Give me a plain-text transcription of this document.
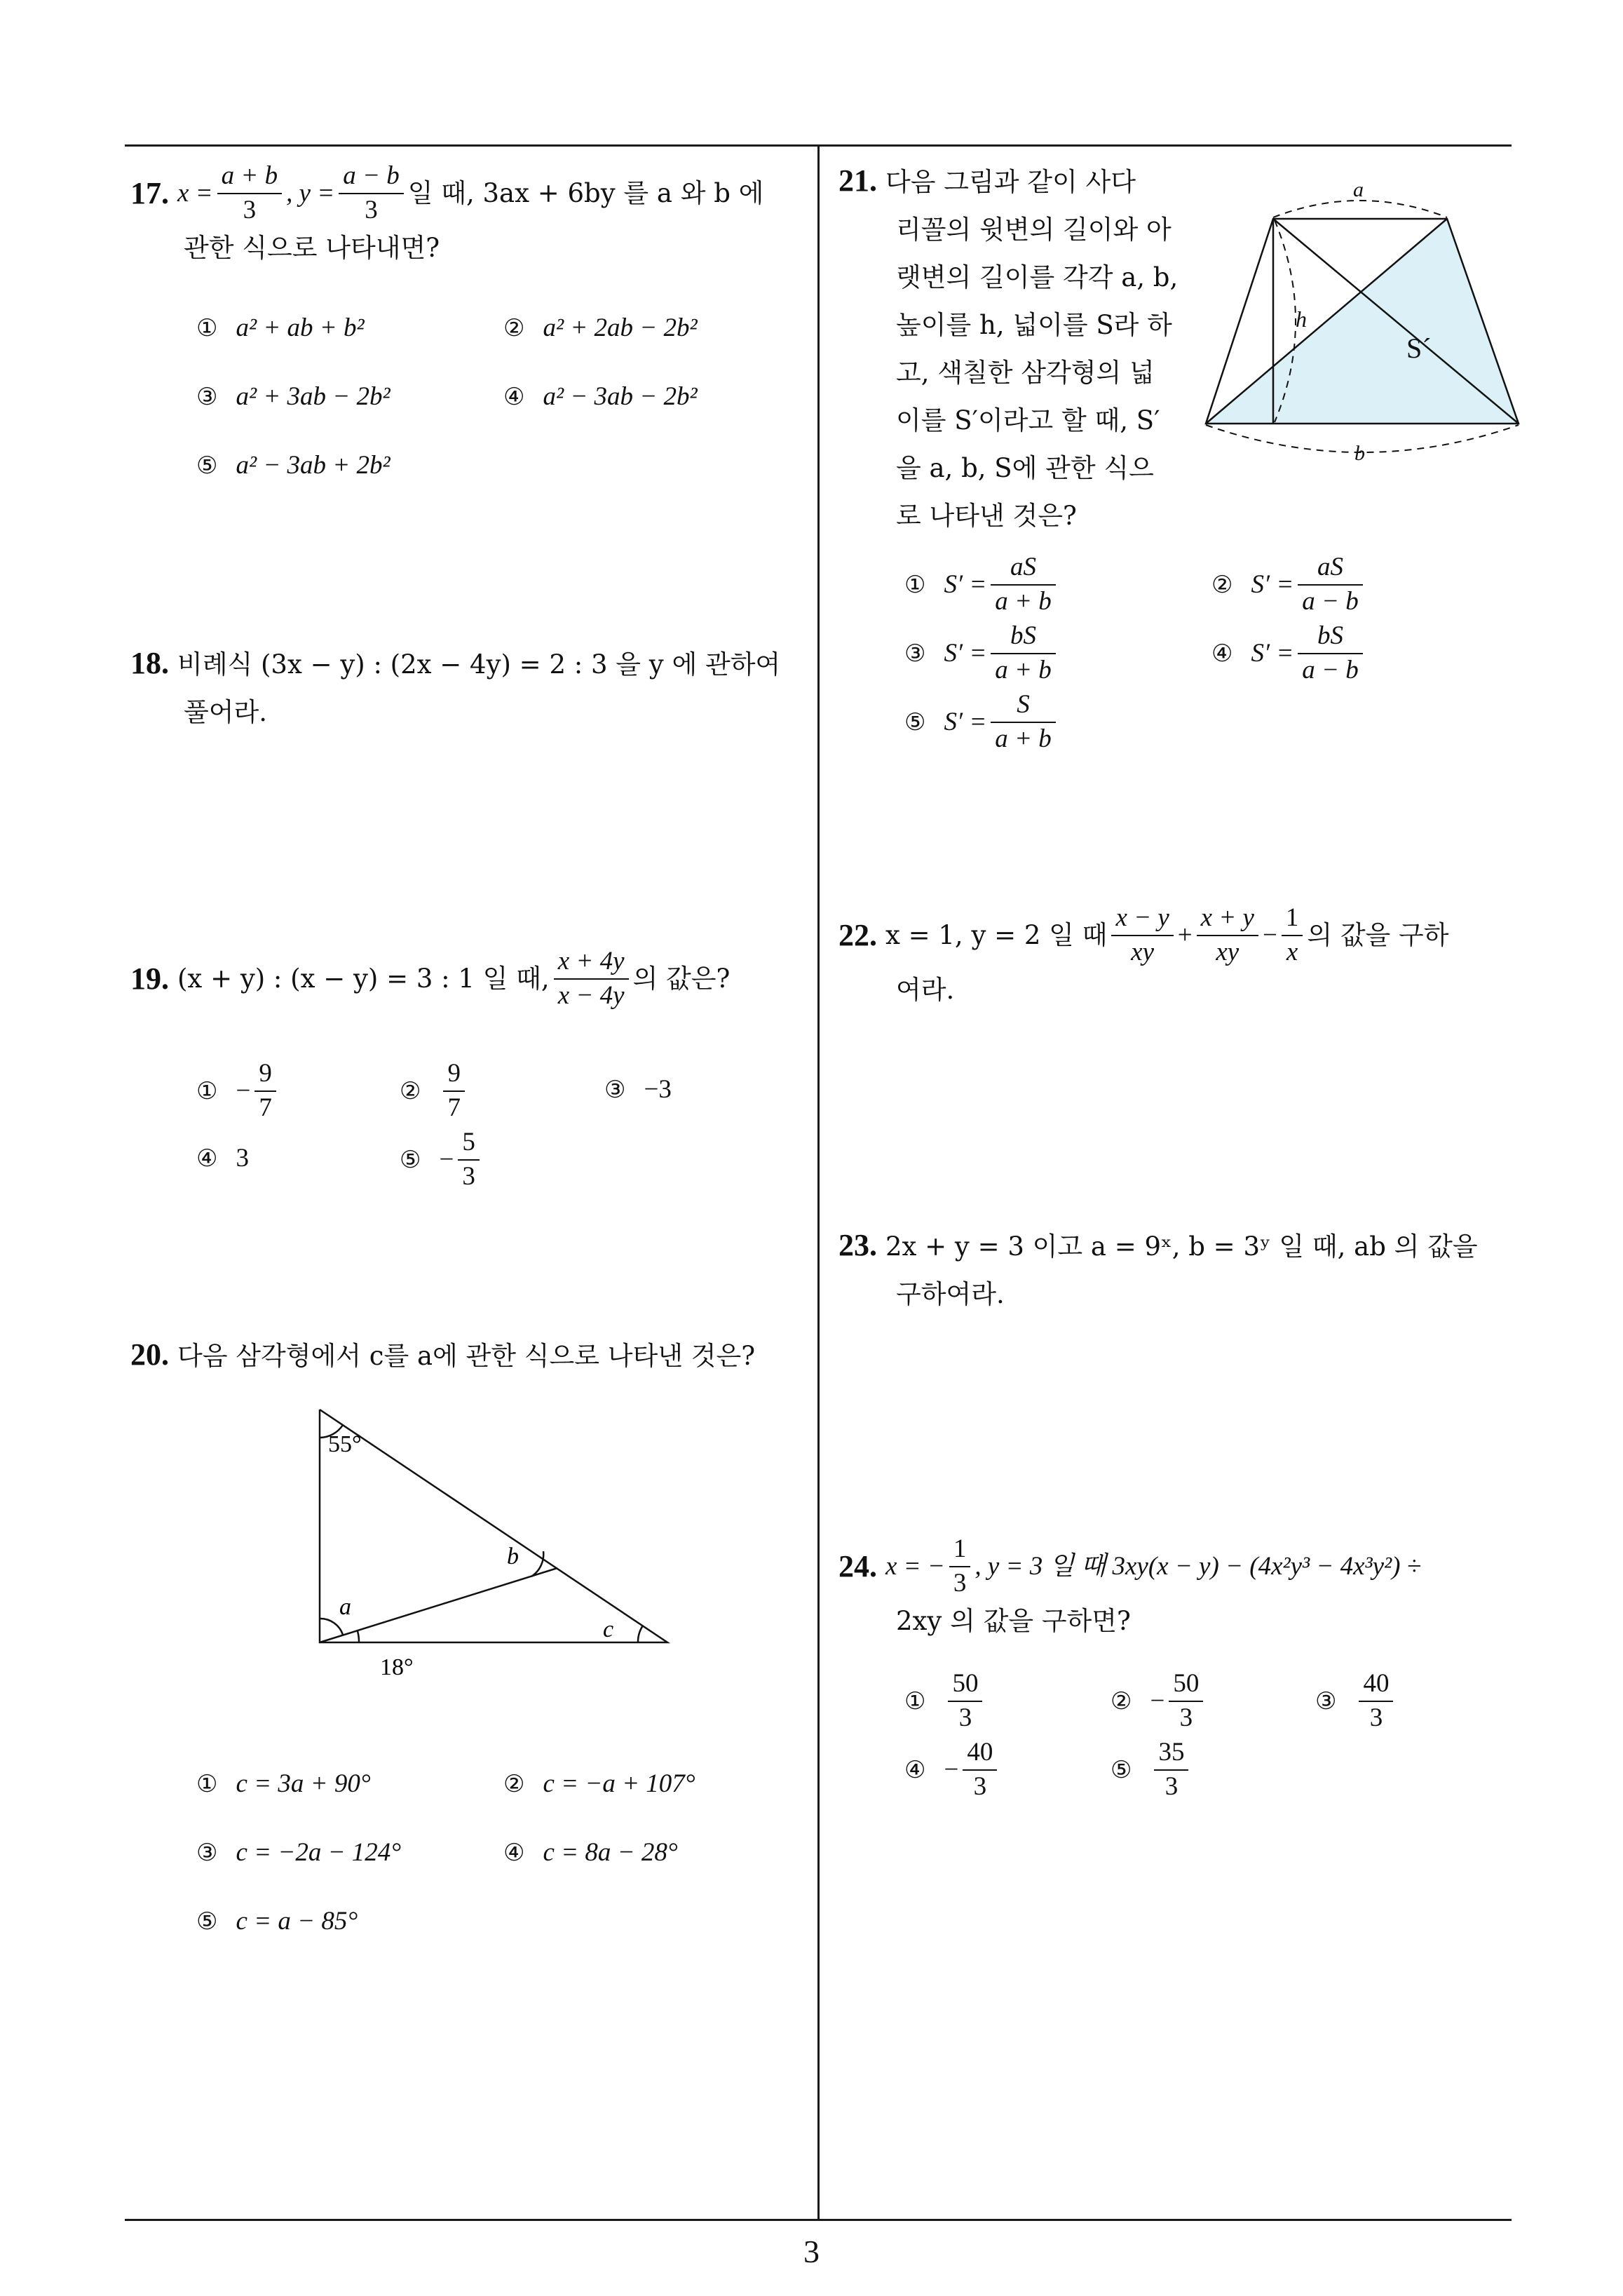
17. $x = \frac{a + b}{3}$ , $y = \frac{a - b}{3}$ 일 때, 3ax + 6by 를 a 와 b 에
관한 식으로 나타내면?
① a² + ab + b²	② a² + 2ab − 2b²
③ a² + 3ab − 2b²	④ a² − 3ab − 2b²
⑤ a² − 3ab + 2b²
18. 비례식 (3x − y) : (2x − 4y) = 2 : 3 을 y 에 관하여
풀어라.
19. (x + y) : (x − y) = 3 : 1 일 때, $\frac{x + 4y}{x - 4y}$ 의 값은?
① − $\frac{9}{7}$	② $\frac{9}{7}$	③ −3
④ 3	⑤ − $\frac{5}{3}$
20. 다음 삼각형에서 c를 a에 관한 식으로 나타낸 것은?
55°
b
a
c
18°
① c = 3a + 90°	② c = −a + 107°
③ c = −2a − 124°	④ c = 8a − 28°
⑤ c = a − 85°
21. 다음 그림과 같이 사다
리꼴의 윗변의 길이와 아
랫변의 길이를 각각 a, b,
높이를 h, 넓이를 S라 하
고, 색칠한 삼각형의 넓
이를 S′이라고 할 때, S′
을 a, b, S에 관한 식으
로 나타낸 것은?
a
h
S´
b
① $S' = \frac{aS}{a + b}$	② $S' = \frac{aS}{a - b}$
③ $S' = \frac{bS}{a + b}$	④ $S' = \frac{bS}{a - b}$
⑤ $S' = \frac{S}{a + b}$
22. x = 1, y = 2 일 때 $\frac{x - y}{xy} + \frac{x + y}{xy} - \frac{1}{x}$ 의 값을 구하
여라.
23. 2x + y = 3 이고 a = 9ˣ, b = 3ʸ 일 때, ab 의 값을
구하여라.
24. x = − $\frac{1}{3}$ , y = 3 일 때 3xy(x − y) − (4x²y³ − 4x³y²) ÷
2xy 의 값을 구하면?
① $\frac{50}{3}$	② − $\frac{50}{3}$	③ $\frac{40}{3}$
④ − $\frac{40}{3}$	⑤ $\frac{35}{3}$
3
